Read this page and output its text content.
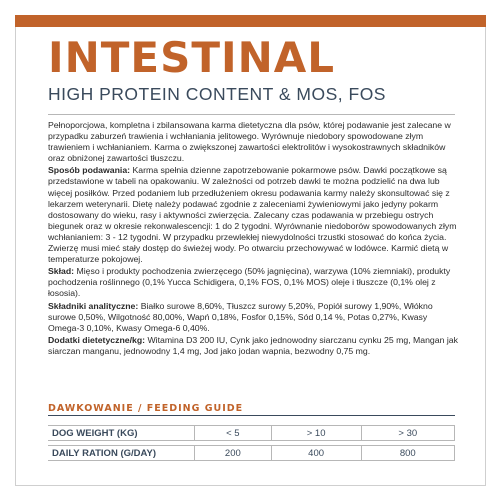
INTESTINAL
HIGH PROTEIN CONTENT & MOS, FOS

Pełnoporcjowa, kompletna i zbilansowana karma dietetyczna dla psów, której podawanie jest zalecane w przypadku zaburzeń trawienia i wchłaniania jelitowego. Wyrównuje niedobory spowodowane złym trawieniem i wchłanianiem. Karma o zwiększonej zawartości elektrolitów i wysokostrawnych składników oraz obniżonej zawartości tłuszczu.

Sposób podawania: Karma spełnia dzienne zapotrzebowanie pokarmowe psów. Dawki początkowe są przedstawione w tabeli na opakowaniu. W zależności od potrzeb dawki te można podzielić na dwa lub więcej posiłków. Przed podaniem lub przedłużeniem okresu podawania karmy należy skonsultować się z lekarzem weterynarii. Dietę należy podawać zgodnie z zaleceniami żywieniowymi jako jedyny pokarm dostosowany do wieku, rasy i aktywności zwierzęcia. Zalecany czas podawania w przebiegu ostrych biegunek oraz w okresie rekonwalescencji: 1 do 2 tygodni. Wyrównanie niedoborów spowodowanych złym wchłanianiem: 3 - 12 tygodni. W przypadku przewlekłej niewydolności trzustki stosować do końca życia. Zwierzę musi mieć stały dostęp do świeżej wody. Po otwarciu przechowywać w lodówce. Karmić dietą w temperaturze pokojowej.

Skład: Mięso i produkty pochodzenia zwierzęcego (50% jagnięcina), warzywa (10% ziemniaki), produkty pochodzenia roślinnego (0,1% Yucca Schidigera, 0,1% FOS, 0,1% MOS) oleje i tłuszcze (0,1% olej z łososia).

Składniki analityczne: Białko surowe 8,60%, Tłuszcz surowy 5,20%, Popiół surowy 1,90%, Włókno surowe 0,50%, Wilgotność 80,00%, Wapń 0,18%, Fosfor 0,15%, Sód 0,14 %, Potas 0,27%, Kwasy Omega-3 0,10%, Kwasy Omega-6 0,40%.

Dodatki dietetyczne/kg: Witamina D3 200 IU, Cynk jako jednowodny siarczanu cynku 25 mg, Mangan jak siarczan manganu, jednowodny 1,4 mg, Jod jako jodan wapnia, bezwodny 0,75 mg.

DAWKOWANIE / FEEDING GUIDE
DOG WEIGHT (KG)	< 5	> 10	> 30
DAILY RATION (G/DAY)	200	400	800
